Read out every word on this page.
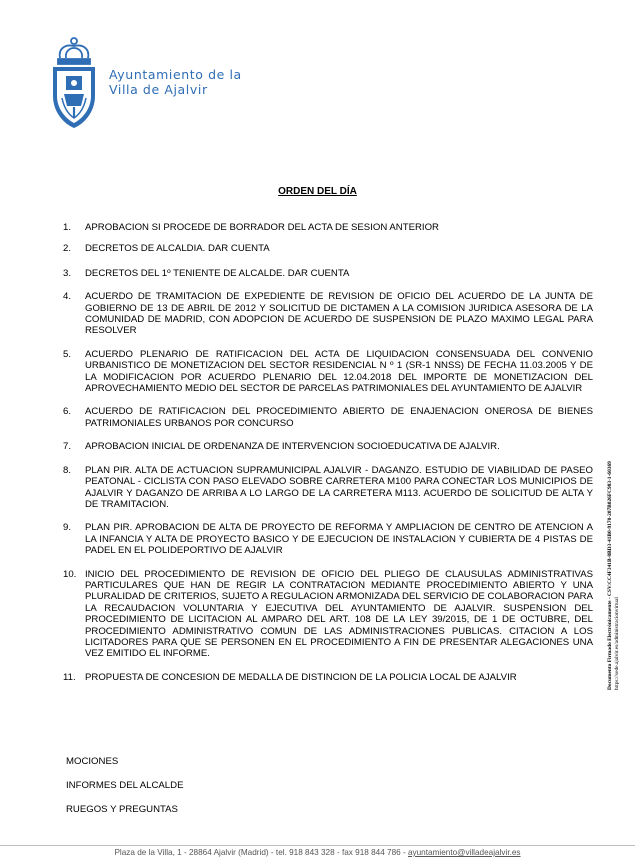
Ayuntamiento de la
Villa de Ajalvir
ORDEN DEL DÍA
1.	APROBACION SI PROCEDE DE BORRADOR DEL ACTA DE SESION ANTERIOR
2.	DECRETOS DE ALCALDIA. DAR CUENTA
3.	DECRETOS DEL 1º TENIENTE DE ALCALDE. DAR CUENTA
4.	ACUERDO DE TRAMITACION DE EXPEDIENTE DE REVISION DE OFICIO DEL ACUERDO DE LA JUNTA DE GOBIERNO DE 13 DE ABRIL DE 2012 Y SOLICITUD DE DICTAMEN A LA COMISION JURIDICA ASESORA DE LA COMUNIDAD DE MADRID, CON ADOPCION DE ACUERDO DE SUSPENSION DE PLAZO MAXIMO LEGAL PARA RESOLVER
5.	ACUERDO PLENARIO DE RATIFICACION DEL ACTA DE LIQUIDACION CONSENSUADA DEL CONVENIO URBANISTICO DE MONETIZACION DEL SECTOR RESIDENCIAL N º 1 (SR-1 NNSS) DE FECHA 11.03.2005 Y DE LA MODIFICACION POR ACUERDO PLENARIO DEL 12.04.2018 DEL IMPORTE DE MONETIZACION DEL APROVECHAMIENTO MEDIO DEL SECTOR DE PARCELAS PATRIMONIALES DEL AYUNTAMIENTO DE AJALVIR
6.	ACUERDO DE RATIFICACION DEL PROCEDIMIENTO ABIERTO DE ENAJENACION ONEROSA DE BIENES PATRIMONIALES URBANOS POR CONCURSO
7.	APROBACION INICIAL DE ORDENANZA DE INTERVENCION SOCIOEDUCATIVA DE AJALVIR.
8.	PLAN PIR. ALTA DE ACTUACION SUPRAMUNICIPAL AJALVIR - DAGANZO. ESTUDIO DE VIABILIDAD DE PASEO PEATONAL - CICLISTA CON PASO ELEVADO SOBRE CARRETERA M100 PARA CONECTAR LOS MUNICIPIOS DE AJALVIR Y DAGANZO DE ARRIBA A LO LARGO DE LA CARRETERA M113. ACUERDO DE SOLICITUD DE ALTA Y DE TRAMITACION.
9.	PLAN PIR. APROBACION DE ALTA DE PROYECTO DE REFORMA Y AMPLIACION DE CENTRO DE ATENCION A LA INFANCIA Y ALTA DE PROYECTO BASICO Y DE EJECUCION DE INSTALACION Y CUBIERTA DE 4 PISTAS DE PADEL EN EL POLIDEPORTIVO DE AJALVIR
10. INICIO DEL PROCEDIMIENTO DE REVISION DE OFICIO DEL PLIEGO DE CLAUSULAS ADMINISTRATIVAS PARTICULARES QUE HAN DE REGIR LA CONTRATACION MEDIANTE PROCEDIMIENTO ABIERTO Y UNA PLURALIDAD DE CRITERIOS, SUJETO A REGULACION ARMONIZADA DEL SERVICIO DE COLABORACION PARA LA RECAUDACION VOLUNTARIA Y EJECUTIVA DEL AYUNTAMIENTO DE AJALVIR. SUSPENSION DEL PROCEDIMIENTO DE LICITACION AL AMPARO DEL ART. 108 DE LA LEY 39/2015, DE 1 DE OCTUBRE, DEL PROCEDIMIENTO ADMINISTRATIVO COMUN DE LAS ADMINISTRACIONES PUBLICAS. CITACION A LOS LICITADORES PARA QUE SE PERSONEN EN EL PROCEDIMIENTO A FIN DE PRESENTAR ALEGACIONES UNA VEZ EMITIDO EL INFORME.
11. PROPUESTA DE CONCESION DE MEDALLA DE DISTINCION DE LA POLICIA LOCAL DE AJALVIR
MOCIONES
INFORMES DEL ALCALDE
RUEGOS Y PREGUNTAS
Documento Firmado Electrónicamente - CSV:CC4F341B-8BD3-41B0-9170-207B026FC983-1-60369 https://sede.ajalvir.es/administracionvirtual
Plaza de la Villa, 1 - 28864 Ajalvir (Madrid) - tel. 918 843 328 - fax 918 844 786 - ayuntamiento@villadeajalvir.es
